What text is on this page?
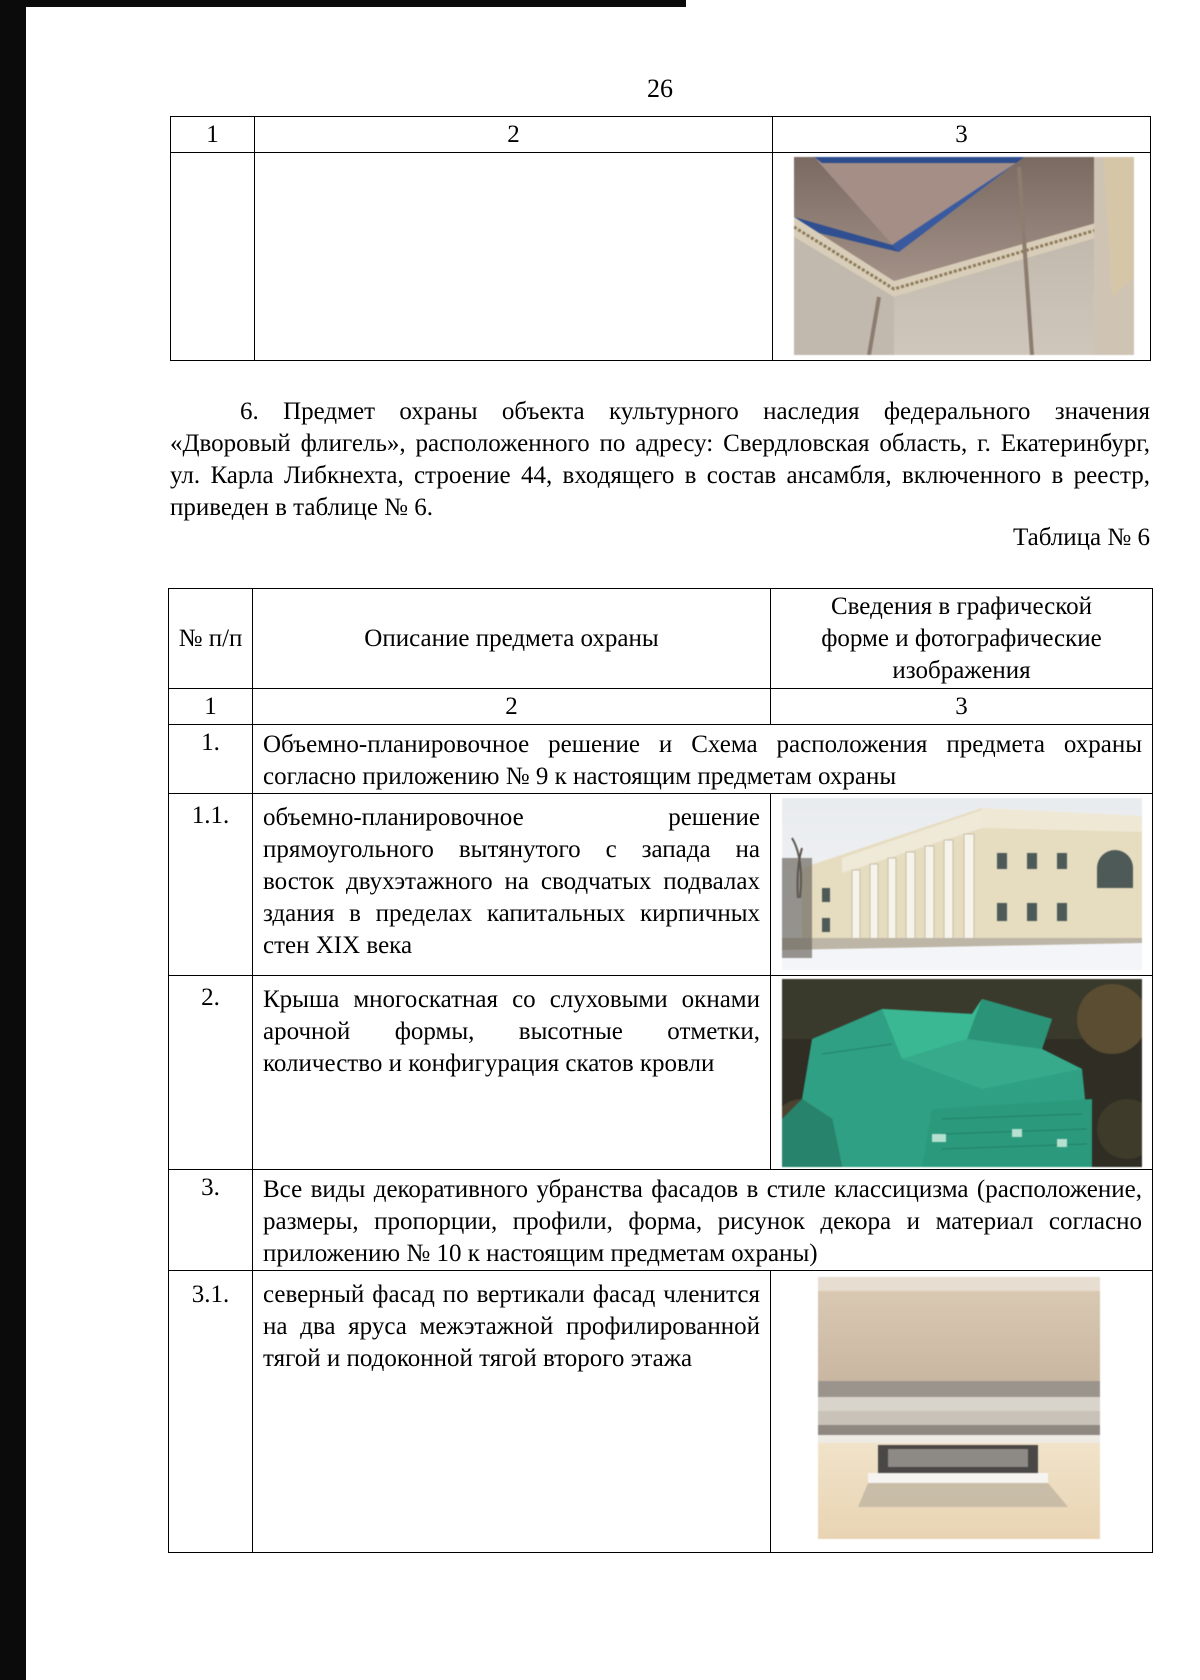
26
1	2	3

6. Предмет охраны объекта культурного наследия федерального значения «Дворовый флигель», расположенного по адресу: Свердловская область, г. Екатеринбург, ул. Карла Либкнехта, строение 44, входящего в состав ансамбля, включенного в реестр, приведен в таблице № 6.

Таблица № 6
№ п/п	Описание предмета охраны	Сведения в графической форме и фотографические изображения
1	2	3
1.	Объемно-планировочное решение и Схема расположения предмета охраны согласно приложению № 9 к настоящим предметам охраны	
1.1.	объемно-планировочное решение прямоугольного вытянутого с запада на восток двухэтажного на сводчатых подвалах здания в пределах капитальных кирпичных стен XIX века	

2.	Крыша многоскатная со слуховыми окнами арочной формы, высотные отметки, количество и конфигурация скатов кровли	

3.	Все виды декоративного убранства фасадов в стиле классицизма (расположение, размеры, пропорции, профили, форма, рисунок декора и материал согласно приложению № 10 к настоящим предметам охраны)	
3.1.	северный фасад по вертикали фасад членится на два яруса межэтажной профилированной тягой и подоконной тягой второго этажа	
